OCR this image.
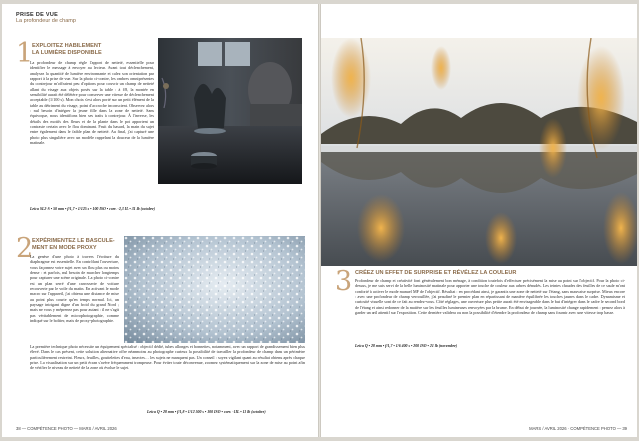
PRISE DE VUE
La profondeur de champ
1
EXPLOITEZ HABILEMENT
LA LUMIÈRE DISPONIBLE

La profondeur de champ règle l'apport de netteté, essentielle pour identifier le message à envoyer au lecteur. Avant tout déclenchement, analysez la quantité de lumière environnante et calez son orientation par rapport à la prise de vue. Sur la photo ci-contre, les ombres omniprésentes du contrejour m'offraient peu d'options pour couvrir un champ de netteté allant du visage aux objets posés sur la table : à f/8, la montée en sensibilité aurait été délétère pour conserver une vitesse de déclenchement acceptable (1/100 s). Mon choix s'est alors porté sur un petit élément de la table au détriment du visage, point d'accroche inconscient. Observez alors : nul besoin d'intégrer la jeune fille dans la zone de netteté. Sans équivoque, nous identifions bien ses traits à contrejour. À l'inverse, les détails des motifs des fleurs et de la plante dans le pot apportent un contraste certain avec le flou dominant. Fruit du hasard, la main du sujet entre également dans le faible plan de netteté. Au final, j'ai capturé une photo plus singulière avec un modèle rappelant la douceur de la lumière matinale.

Leica SL2-S • 50 mm • f/1,7 • 1/125 s • 100 ISO • corr. -2,3 IL • 31 lb (octobre)
2
EXPÉRIMENTEZ LE BASCULE-
MENT EN MODE PROXY

La genèse d'une photo à travers l'écriture du diaphragme est essentielle. En contrôlant l'ouverture, vous façonnez votre sujet avec un flou plus ou moins dense : et parfois, nul besoin de marcher longtemps pour capturer une scène originale. La photo ci-contre est un plan serré d'une carrosserie de voiture recouverte par le voile du matin. En activant le mode macro sur l'appareil, j'ai obtenu une distance de mise au point plus courte qu'en temps normal. Ici, un paysage intrigant digne d'un froid du grand Nord ; mais ne vous y méprenez pas pour autant : il ne s'agit pas véritablement de microphotographie, comme indiqué sur le boîtier, mais de proxy-photographie.

La première technique photo nécessite un équipement spécialisé : objectif dédié, tubes allonges et bonnettes, notamment, avec un rapport de grandissement bien plus élevé. Dans le cas présent, cette solution alternative offre néanmoins au photographe curieux la possibilité de travailler la profondeur de champ dans un périmètre particulièrement restreint. Fleurs, feuilles, gouttelettes d'eau, insectes… les sujets ne manquent pas. Un conseil : soyez vigilant quant au résultat obtenu après chaque prise. La visualisation sur un petit écran s'avère fréquemment trompeuse. Pour éviter toute déconvenue, zoomez systématiquement sur la zone de mise au point afin de vérifier le niveau de netteté de la zone où évolue le sujet.

Leica Q • 28 mm • f/1,8 • 1/12 500 s • 100 ISO • corr. -1IL • 11 lb (octobre)
38 — COMPÉTENCE PHOTO — MARS / AVRIL 2026
3 CRÉEZ UN EFFET DE SURPRISE ET RÉVÉLEZ LA COULEUR

Profondeur de champ et créativité font généralement bon ménage, à condition toutefois d'effectuer précisément la mise au point sur l'objectif. Pour la photo ci-dessus, je me suis servi de la belle luminosité matinale pour apporter une touche de couleur aux arbres dénudés. Les teintes chaudes des feuilles de ce saule m'ont conforté à activer le mode manuel MF de l'objectif. Résultat : en procédant ainsi, je garantis une zone de netteté sur l'étang, sans mauvaise surprise. Mieux encore : avec une profondeur de champ verrouillée, j'ai peaufiné le premier plan en répartissant de manière équilibrée les touches jaunes dans le cadre. Dynamisme et curiosité visuelle sont de ce fait au rendez-vous. Côté réglages, une ouverture plus petite aurait été envisageable dans le but d'intégrer dans le cadre le second bord de l'étang et ainsi redonner de la matière sur les feuilles lumineuses renvoyées par la brume. En début de journée, la luminosité change rapidement : pensez alors à garder un œil attentif sur l'exposition. Cette dernière validera ou non la possibilité d'étendre la profondeur de champ sans fournir avec une vitesse trop basse.

Leica Q • 28 mm • f/1,7 • 1/6 400 s • 200 ISO • 21 lb (novembre)
MARS / AVRIL 2026 · COMPÉTENCE PHOTO — 39
